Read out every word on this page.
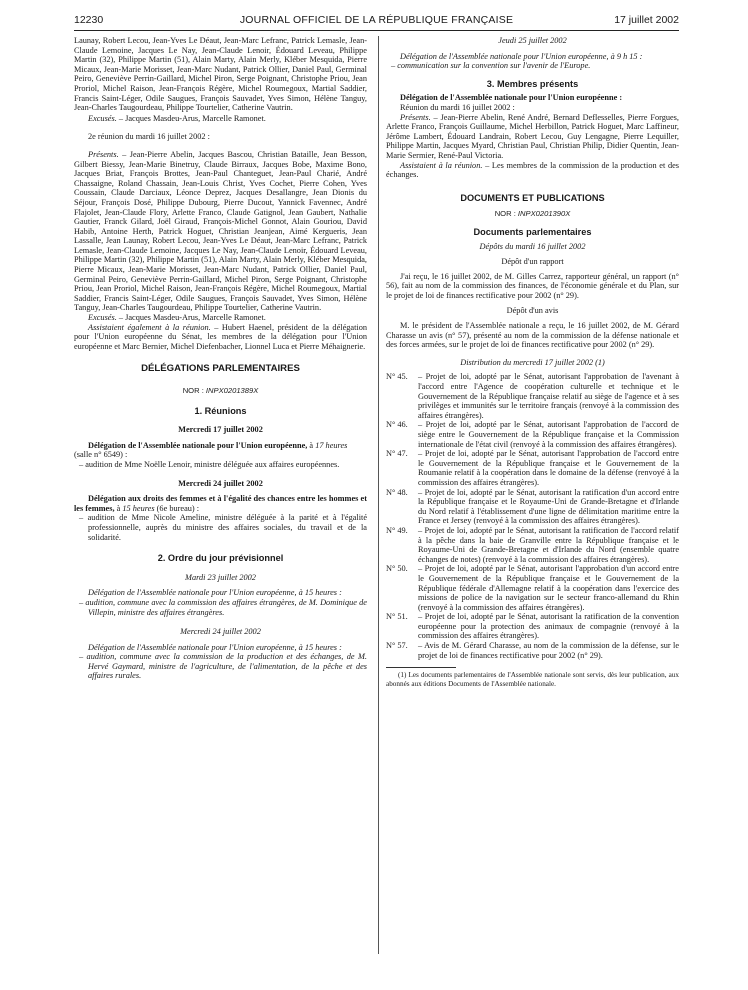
12230	JOURNAL OFFICIEL DE LA RÉPUBLIQUE FRANÇAISE	17 juillet 2002

Launay, Robert Lecou, Jean-Yves Le Déaut, Jean-Marc Lefranc, Patrick Lemasle, Jean-Claude Lemoine, Jacques Le Nay, Jean-Claude Lenoir, Édouard Leveau, Philippe Martin (32), Philippe Martin (51), Alain Marty, Alain Merly, Kléber Mesquida, Pierre Micaux, Jean-Marie Morisset, Jean-Marc Nudant, Patrick Ollier, Daniel Paul, Germinal Peiro, Geneviève Perrin-Gaillard, Michel Piron, Serge Poignant, Christophe Priou, Jean Proriol, Michel Raison, Jean-François Régère, Michel Roumegoux, Martial Saddier, Francis Saint-Léger, Odile Saugues, François Sauvadet, Yves Simon, Hélène Tanguy, Jean-Charles Taugourdeau, Philippe Tourtelier, Catherine Vautrin.

Excusés. – Jacques Masdeu-Arus, Marcelle Ramonet.

2e réunion du mardi 16 juillet 2002 :

Présents. – Jean-Pierre Abelin, Jacques Bascou, Christian Bataille, Jean Besson, Gilbert Biessy, Jean-Marie Binetruy, Claude Birraux, Jacques Bobe, Maxime Bono, Jacques Briat, François Brottes, Jean-Paul Chanteguet, Jean-Paul Charié, André Chassaigne, Roland Chassain, Jean-Louis Christ, Yves Cochet, Pierre Cohen, Yves Coussain, Claude Darciaux, Léonce Deprez, Jacques Desallangre, Jean Dionis du Séjour, François Dosé, Philippe Dubourg, Pierre Ducout, Yannick Favennec, André Flajolet, Jean-Claude Flory, Arlette Franco, Claude Gatignol, Jean Gaubert, Nathalie Gautier, Franck Gilard, Joël Giraud, François-Michel Gonnot, Alain Gouriou, David Habib, Antoine Herth, Patrick Hoguet, Christian Jeanjean, Aimé Kergueris, Jean Lassalle, Jean Launay, Robert Lecou, Jean-Yves Le Déaut, Jean-Marc Lefranc, Patrick Lemasle, Jean-Claude Lemoine, Jacques Le Nay, Jean-Claude Lenoir, Édouard Leveau, Philippe Martin (32), Philippe Martin (51), Alain Marty, Alain Merly, Kléber Mesquida, Pierre Micaux, Jean-Marie Morisset, Jean-Marc Nudant, Patrick Ollier, Daniel Paul, Germinal Peiro, Geneviève Perrin-Gaillard, Michel Piron, Serge Poignant, Christophe Priou, Jean Proriol, Michel Raison, Jean-François Régère, Michel Roumegoux, Martial Saddier, Francis Saint-Léger, Odile Saugues, François Sauvadet, Yves Simon, Hélène Tanguy, Jean-Charles Taugourdeau, Philippe Tourtelier, Catherine Vautrin.

Excusés. – Jacques Masdeu-Arus, Marcelle Ramonet.

Assistaient également à la réunion. – Hubert Haenel, président de la délégation pour l'Union européenne du Sénat, les membres de la délégation pour l'Union européenne et Marc Bernier, Michel Diefenbacher, Lionnel Luca et Pierre Méhaignerie.

DÉLÉGATIONS PARLEMENTAIRES

NOR : INPX0201389X

1. Réunions

Mercredi 17 juillet 2002

Délégation de l'Assemblée nationale pour l'Union européenne, à 17 heures (salle n° 6549) :

– audition de Mme Noëlle Lenoir, ministre déléguée aux affaires européennes.

Mercredi 24 juillet 2002

Délégation aux droits des femmes et à l'égalité des chances entre les hommes et les femmes, à 15 heures (6e bureau) :

– audition de Mme Nicole Ameline, ministre déléguée à la parité et à l'égalité professionnelle, auprès du ministre des affaires sociales, du travail et de la solidarité.

2. Ordre du jour prévisionnel

Mardi 23 juillet 2002

Délégation de l'Assemblée nationale pour l'Union européenne, à 15 heures :

– audition, commune avec la commission des affaires étrangères, de M. Dominique de Villepin, ministre des affaires étrangères.

Mercredi 24 juillet 2002

Délégation de l'Assemblée nationale pour l'Union européenne, à 15 heures :

– audition, commune avec la commission de la production et des échanges, de M. Hervé Gaymard, ministre de l'agriculture, de l'alimentation, de la pêche et des affaires rurales.

Jeudi 25 juillet 2002

Délégation de l'Assemblée nationale pour l'Union européenne, à 9 h 15 :

– communication sur la convention sur l'avenir de l'Europe.

3. Membres présents

Délégation de l'Assemblée nationale pour l'Union européenne :

Réunion du mardi 16 juillet 2002 :

Présents. – Jean-Pierre Abelin, René André, Bernard Deflesselles, Pierre Forgues, Arlette Franco, François Guillaume, Michel Herbillon, Patrick Hoguet, Marc Laffineur, Jérôme Lambert, Édouard Landrain, Robert Lecou, Guy Lengagne, Pierre Lequiller, Philippe Martin, Jacques Myard, Christian Paul, Christian Philip, Didier Quentin, Jean-Marie Sermier, René-Paul Victoria.

Assistaient à la réunion. – Les membres de la commission de la production et des échanges.

DOCUMENTS ET PUBLICATIONS

NOR : INPX0201390X

Documents parlementaires

Dépôts du mardi 16 juillet 2002

Dépôt d'un rapport

J'ai reçu, le 16 juillet 2002, de M. Gilles Carrez, rapporteur général, un rapport (n° 56), fait au nom de la commission des finances, de l'économie générale et du Plan, sur le projet de loi de finances rectificative pour 2002 (n° 29).

Dépôt d'un avis

M. le président de l'Assemblée nationale a reçu, le 16 juillet 2002, de M. Gérard Charasse un avis (n° 57), présenté au nom de la commission de la défense nationale et des forces armées, sur le projet de loi de finances rectificative pour 2002 (n° 29).

Distribution du mercredi 17 juillet 2002 (1)

N° 45.	– Projet de loi, adopté par le Sénat, autorisant l'approbation de l'avenant à l'accord entre l'Agence de coopération culturelle et technique et le Gouvernement de la République française relatif au siège de l'agence et à ses privilèges et immunités sur le territoire français (renvoyé à la commission des affaires étrangères).
N° 46.	– Projet de loi, adopté par le Sénat, autorisant l'approbation de l'accord de siège entre le Gouvernement de la République française et la Commission internationale de l'état civil (renvoyé à la commission des affaires étrangères).
N° 47.	– Projet de loi, adopté par le Sénat, autorisant l'approbation de l'accord entre le Gouvernement de la République française et le Gouvernement de la Roumanie relatif à la coopération dans le domaine de la défense (renvoyé à la commission des affaires étrangères).
N° 48.	– Projet de loi, adopté par le Sénat, autorisant la ratification d'un accord entre la République française et le Royaume-Uni de Grande-Bretagne et d'Irlande du Nord relatif à l'établissement d'une ligne de délimitation maritime entre la France et Jersey (renvoyé à la commission des affaires étrangères).
N° 49.	– Projet de loi, adopté par le Sénat, autorisant la ratification de l'accord relatif à la pêche dans la baie de Granville entre la République française et le Royaume-Uni de Grande-Bretagne et d'Irlande du Nord (ensemble quatre échanges de notes) (renvoyé à la commission des affaires étrangères).
N° 50.	– Projet de loi, adopté par le Sénat, autorisant l'approbation d'un accord entre le Gouvernement de la République française et le Gouvernement de la République fédérale d'Allemagne relatif à la coopération dans l'exercice des missions de police de la navigation sur le secteur franco-allemand du Rhin (renvoyé à la commission des affaires étrangères).
N° 51.	– Projet de loi, adopté par le Sénat, autorisant la ratification de la convention européenne pour la protection des animaux de compagnie (renvoyé à la commission des affaires étrangères).
N° 57.	– Avis de M. Gérard Charasse, au nom de la commission de la défense, sur le projet de loi de finances rectificative pour 2002 (n° 29).

(1) Les documents parlementaires de l'Assemblée nationale sont servis, dès leur publication, aux abonnés aux éditions Documents de l'Assemblée nationale.
